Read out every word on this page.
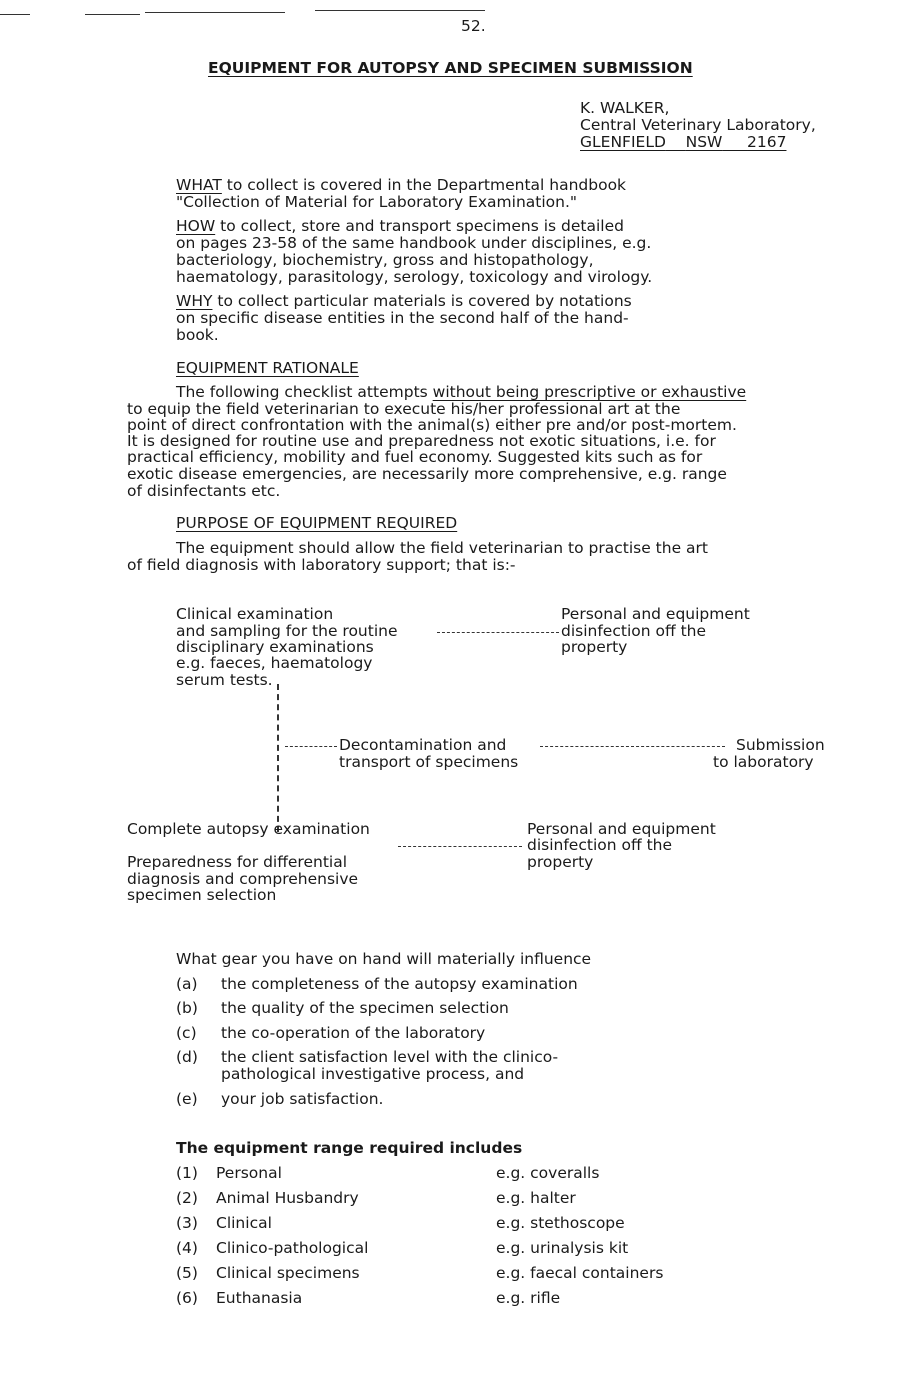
52.
EQUIPMENT FOR AUTOPSY AND SPECIMEN SUBMISSION
K. WALKER,
Central Veterinary Laboratory,
GLENFIELD NSW 2167
WHAT to collect is covered in the Departmental handbook
"Collection of Material for Laboratory Examination."
HOW to collect, store and transport specimens is detailed
on pages 23-58 of the same handbook under disciplines, e.g.
bacteriology, biochemistry, gross and histopathology,
haematology, parasitology, serology, toxicology and virology.
WHY to collect particular materials is covered by notations
on specific disease entities in the second half of the hand-
book.
EQUIPMENT RATIONALE
The following checklist attempts without being prescriptive or exhaustive
to equip the field veterinarian to execute his/her professional art at the
point of direct confrontation with the animal(s) either pre and/or post-mortem.
It is designed for routine use and preparedness not exotic situations, i.e. for
practical efficiency, mobility and fuel economy. Suggested kits such as for
exotic disease emergencies, are necessarily more comprehensive, e.g. range
of disinfectants etc.
PURPOSE OF EQUIPMENT REQUIRED
The equipment should allow the field veterinarian to practise the art
of field diagnosis with laboratory support; that is:-
Clinical examination
and sampling for the routine
disciplinary examinations
e.g. faeces, haematology
serum tests.
Personal and equipment
disinfection off the
property
Decontamination and
transport of specimens
Submission
to laboratory
Complete autopsy examination	Personal and equipment
disinfection off the
property
Preparedness for differential
diagnosis and comprehensive
specimen selection
What gear you have on hand will materially influence
(a) the completeness of the autopsy examination
(b) the quality of the specimen selection
(c) the co-operation of the laboratory
(d) the client satisfaction level with the clinico-
pathological investigative process, and
(e) your job satisfaction.
The equipment range required includes
(1) Personal	e.g. coveralls
(2) Animal Husbandry	e.g. halter
(3) Clinical	e.g. stethoscope
(4) Clinico-pathological	e.g. urinalysis kit
(5) Clinical specimens	e.g. faecal containers
(6) Euthanasia	e.g. rifle
